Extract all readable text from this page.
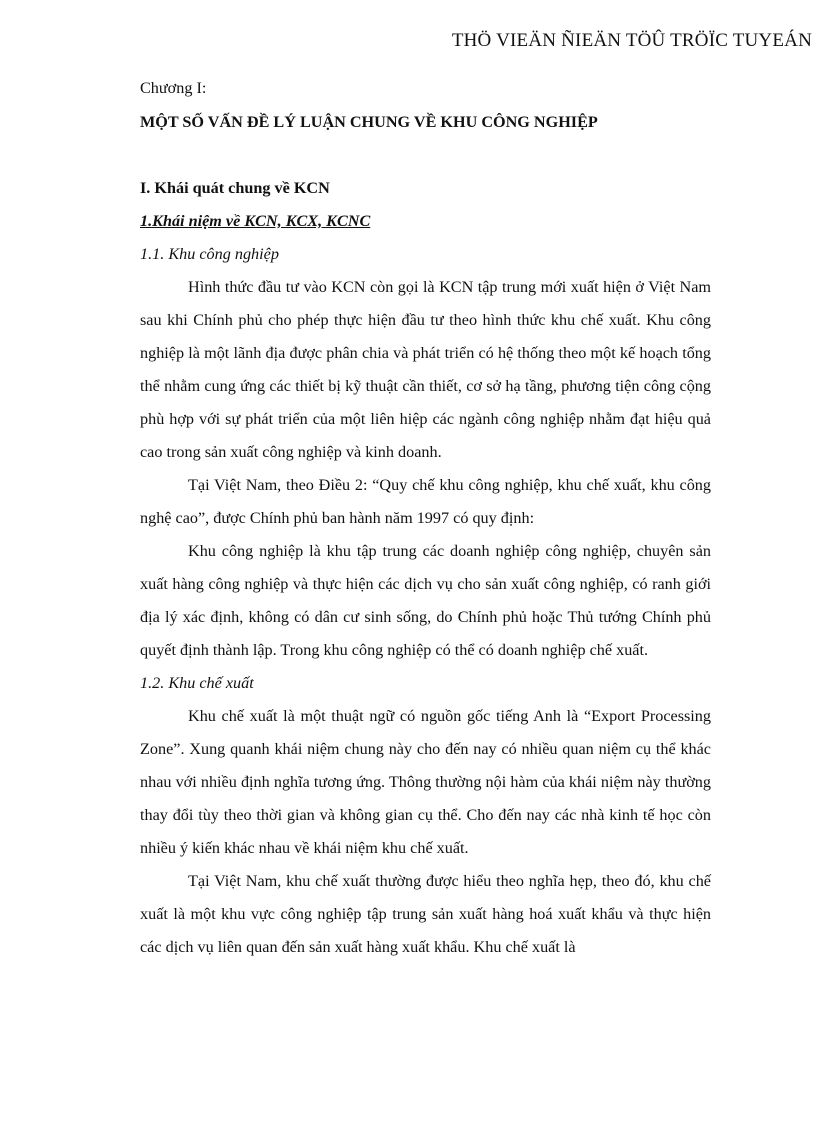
THÖ VIEÄN ÑIEÄN TÖÛ TRÖÏC TUYEÁN
Chương I:
MỘT SỐ VẤN ĐỀ LÝ LUẬN CHUNG VỀ KHU CÔNG NGHIỆP
I. Khái quát chung về KCN
1.Khái niệm về KCN, KCX, KCNC
1.1. Khu công nghiệp

Hình thức đầu tư vào KCN còn gọi là KCN tập trung mới xuất hiện ở Việt Nam sau khi Chính phủ cho phép thực hiện đầu tư theo hình thức khu chế xuất. Khu công nghiệp là một lãnh địa được phân chia và phát triển có hệ thống theo một kế hoạch tổng thể nhằm cung ứng các thiết bị kỹ thuật cần thiết, cơ sở hạ tầng, phương tiện công cộng phù hợp với sự phát triển của một liên hiệp các ngành công nghiệp nhằm đạt hiệu quả cao trong sản xuất công nghiệp và kinh doanh.

Tại Việt Nam, theo Điều 2: “Quy chế khu công nghiệp, khu chế xuất, khu công nghệ cao”, được Chính phủ ban hành năm 1997 có quy định:

Khu công nghiệp là khu tập trung các doanh nghiệp công nghiệp, chuyên sản xuất hàng công nghiệp và thực hiện các dịch vụ cho sản xuất công nghiệp, có ranh giới địa lý xác định, không có dân cư sinh sống, do Chính phủ hoặc Thủ tướng Chính phủ quyết định thành lập. Trong khu công nghiệp có thể có doanh nghiệp chế xuất.

1.2. Khu chế xuất

Khu chế xuất là một thuật ngữ có nguồn gốc tiếng Anh là “Export Processing Zone”. Xung quanh khái niệm chung này cho đến nay có nhiều quan niệm cụ thể khác nhau với nhiều định nghĩa tương ứng. Thông thường nội hàm của khái niệm này thường thay đổi tùy theo thời gian và không gian cụ thể. Cho đến nay các nhà kinh tế học còn nhiều ý kiến khác nhau về khái niệm khu chế xuất.

Tại Việt Nam, khu chế xuất thường được hiểu theo nghĩa hẹp, theo đó, khu chế xuất là một khu vực công nghiệp tập trung sản xuất hàng hoá xuất khẩu và thực hiện các dịch vụ liên quan đến sản xuất hàng xuất khẩu. Khu chế xuất là
